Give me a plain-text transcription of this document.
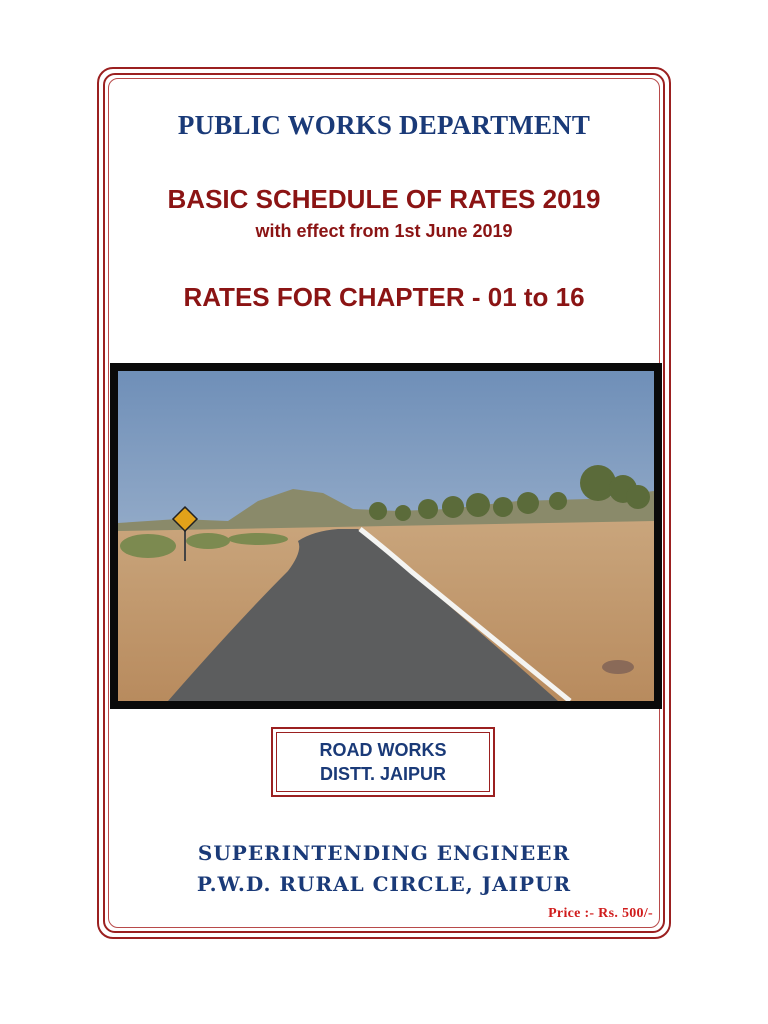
PUBLIC WORKS DEPARTMENT
BASIC SCHEDULE OF RATES 2019
with effect from 1st June 2019
RATES FOR CHAPTER - 01 to 16
ROAD WORKS
DISTT. JAIPUR
SUPERINTENDING ENGINEER
P.W.D. RURAL CIRCLE, JAIPUR
Price :- Rs. 500/-
